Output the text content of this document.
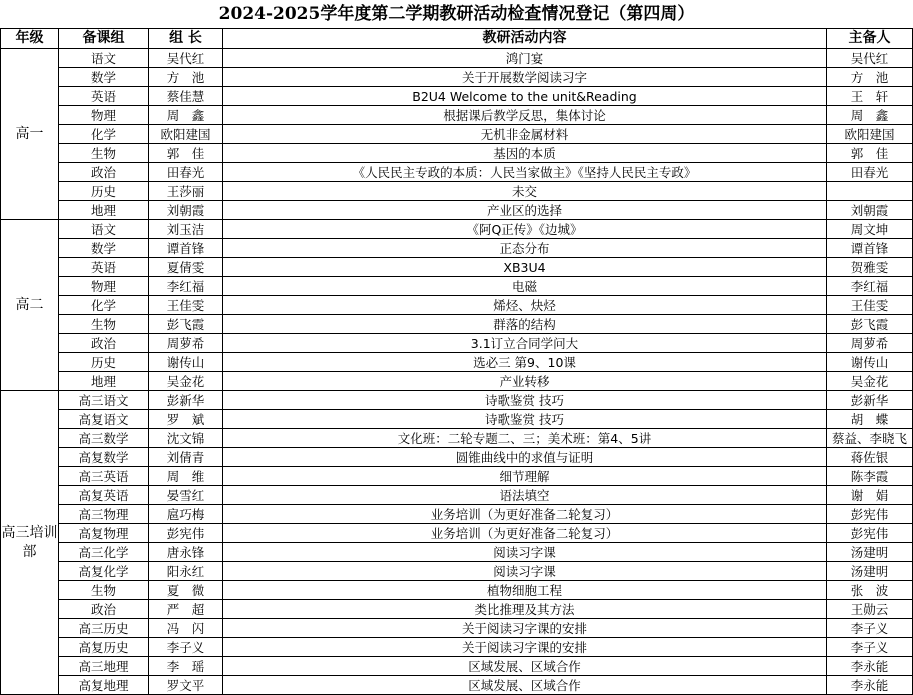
2024-2025学年度第二学期教研活动检查情况登记（第四周）
年级	备课组	组 长	教研活动内容	主备人
高一	语文	吴代红	鸿门宴	吴代红
	数学	方　池	关于开展数学阅读习字	方　池
	英语	蔡佳慧	B2U4 Welcome to the unit&Reading	王　轩
	物理	周　鑫	根据课后教学反思，集体讨论	周　鑫
	化学	欧阳建国	无机非金属材料	欧阳建国
	生物	郭　佳	基因的本质	郭　佳
	政治	田春光	《人民民主专政的本质：人民当家做主》《坚持人民民主专政》	田春光
	历史	王莎丽	未交	
	地理	刘朝霞	产业区的选择	刘朝霞
高二	语文	刘玉洁	《阿Q正传》《边城》	周文坤
	数学	谭首锋	正态分布	谭首锋
	英语	夏倩雯	XB3U4	贺雅雯
	物理	李红福	电磁	李红福
	化学	王佳雯	烯烃、炔烃	王佳雯
	生物	彭飞霞	群落的结构	彭飞霞
	政治	周萝希	3.1订立合同学问大	周萝希
	历史	谢传山	选必三 第9、10课	谢传山
	地理	吴金花	产业转移	吴金花
高三培训部	高三语文	彭新华	诗歌鉴赏 技巧	彭新华
	高复语文	罗　斌	诗歌鉴赏 技巧	胡　蝶
	高三数学	沈文锦	文化班：二轮专题二、三；美术班：第4、5讲	蔡益、李晓飞
	高复数学	刘倩青	圆锥曲线中的求值与证明	蒋佐银
	高三英语	周　维	细节理解	陈李霞
	高复英语	晏雪红	语法填空	谢　娟
	高三物理	扈巧梅	业务培训（为更好准备二轮复习）	彭宪伟
	高复物理	彭宪伟	业务培训（为更好准备二轮复习）	彭宪伟
	高三化学	唐永锋	阅读习字课	汤建明
	高复化学	阳永红	阅读习字课	汤建明
	生物	夏　微	植物细胞工程	张　波
	政治	严　超	类比推理及其方法	王勋云
	高三历史	冯　闪	关于阅读习字课的安排	李子义
	高复历史	李子义	关于阅读习字课的安排	李子义
	高三地理	李　瑶	区域发展、区域合作	李永能
	高复地理	罗文平	区域发展、区域合作	李永能
